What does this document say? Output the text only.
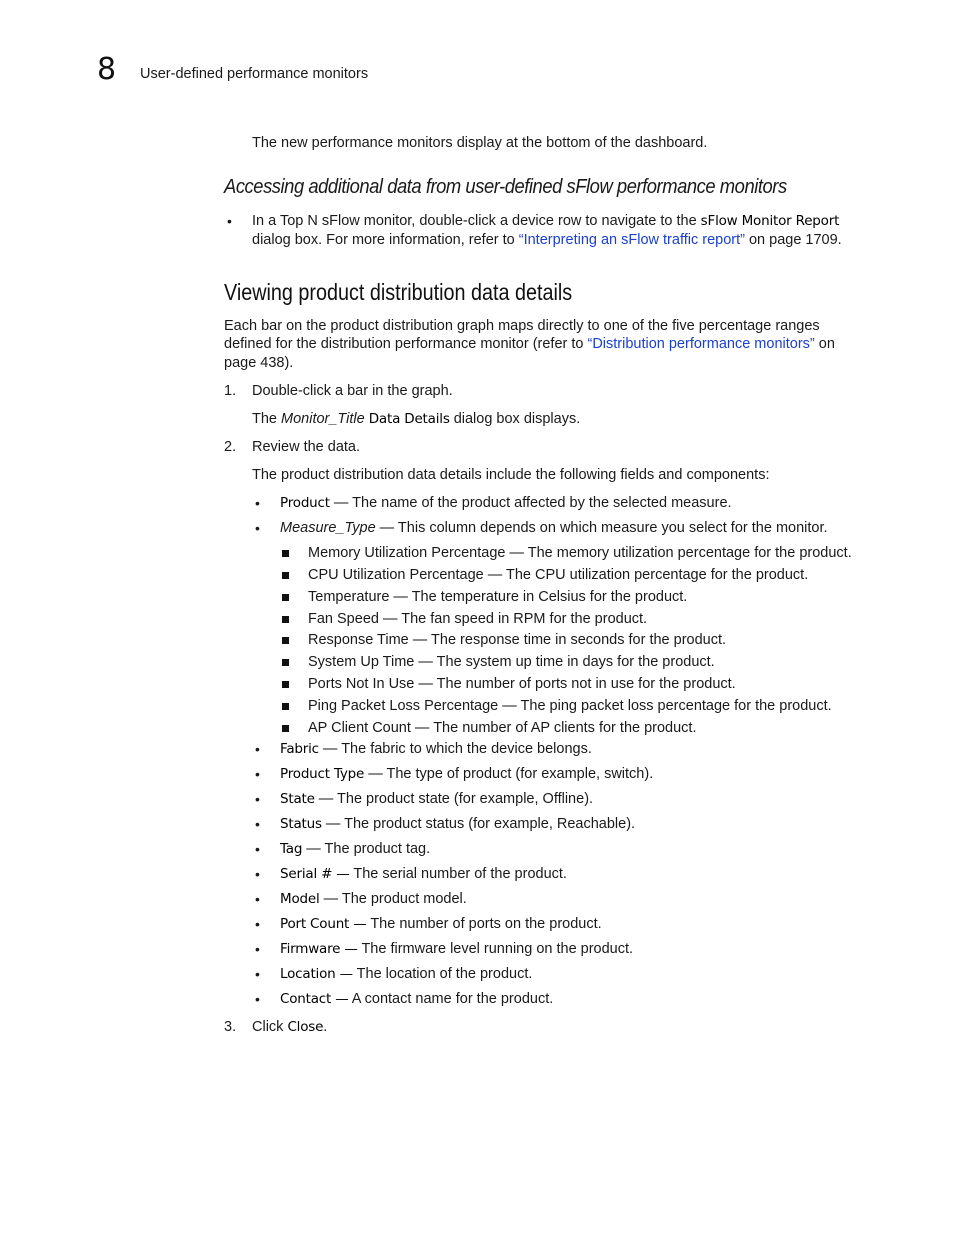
8 User-defined performance monitors
The new performance monitors display at the bottom of the dashboard.
Accessing additional data from user-defined sFlow performance monitors
• In a Top N sFlow monitor, double-click a device row to navigate to the sFlow Monitor Report
dialog box. For more information, refer to “Interpreting an sFlow traffic report” on page 1709.
Viewing product distribution data details
Each bar on the product distribution graph maps directly to one of the five percentage ranges
defined for the distribution performance monitor (refer to “Distribution performance monitors” on
page 438).
1. Double-click a bar in the graph.
The Monitor_Title Data Details dialog box displays.
2. Review the data.
The product distribution data details include the following fields and components:
• Product — The name of the product affected by the selected measure.
• Measure_Type — This column depends on which measure you select for the monitor.
Memory Utilization Percentage — The memory utilization percentage for the product.
CPU Utilization Percentage — The CPU utilization percentage for the product.
Temperature — The temperature in Celsius for the product.
Fan Speed — The fan speed in RPM for the product.
Response Time — The response time in seconds for the product.
System Up Time — The system up time in days for the product.
Ports Not In Use — The number of ports not in use for the product.
Ping Packet Loss Percentage — The ping packet loss percentage for the product.
AP Client Count — The number of AP clients for the product.
• Fabric — The fabric to which the device belongs.
• Product Type — The type of product (for example, switch).
• State — The product state (for example, Offline).
• Status — The product status (for example, Reachable).
• Tag — The product tag.
• Serial # — The serial number of the product.
• Model — The product model.
• Port Count — The number of ports on the product.
• Firmware — The firmware level running on the product.
• Location — The location of the product.
• Contact — A contact name for the product.
3. Click Close.
